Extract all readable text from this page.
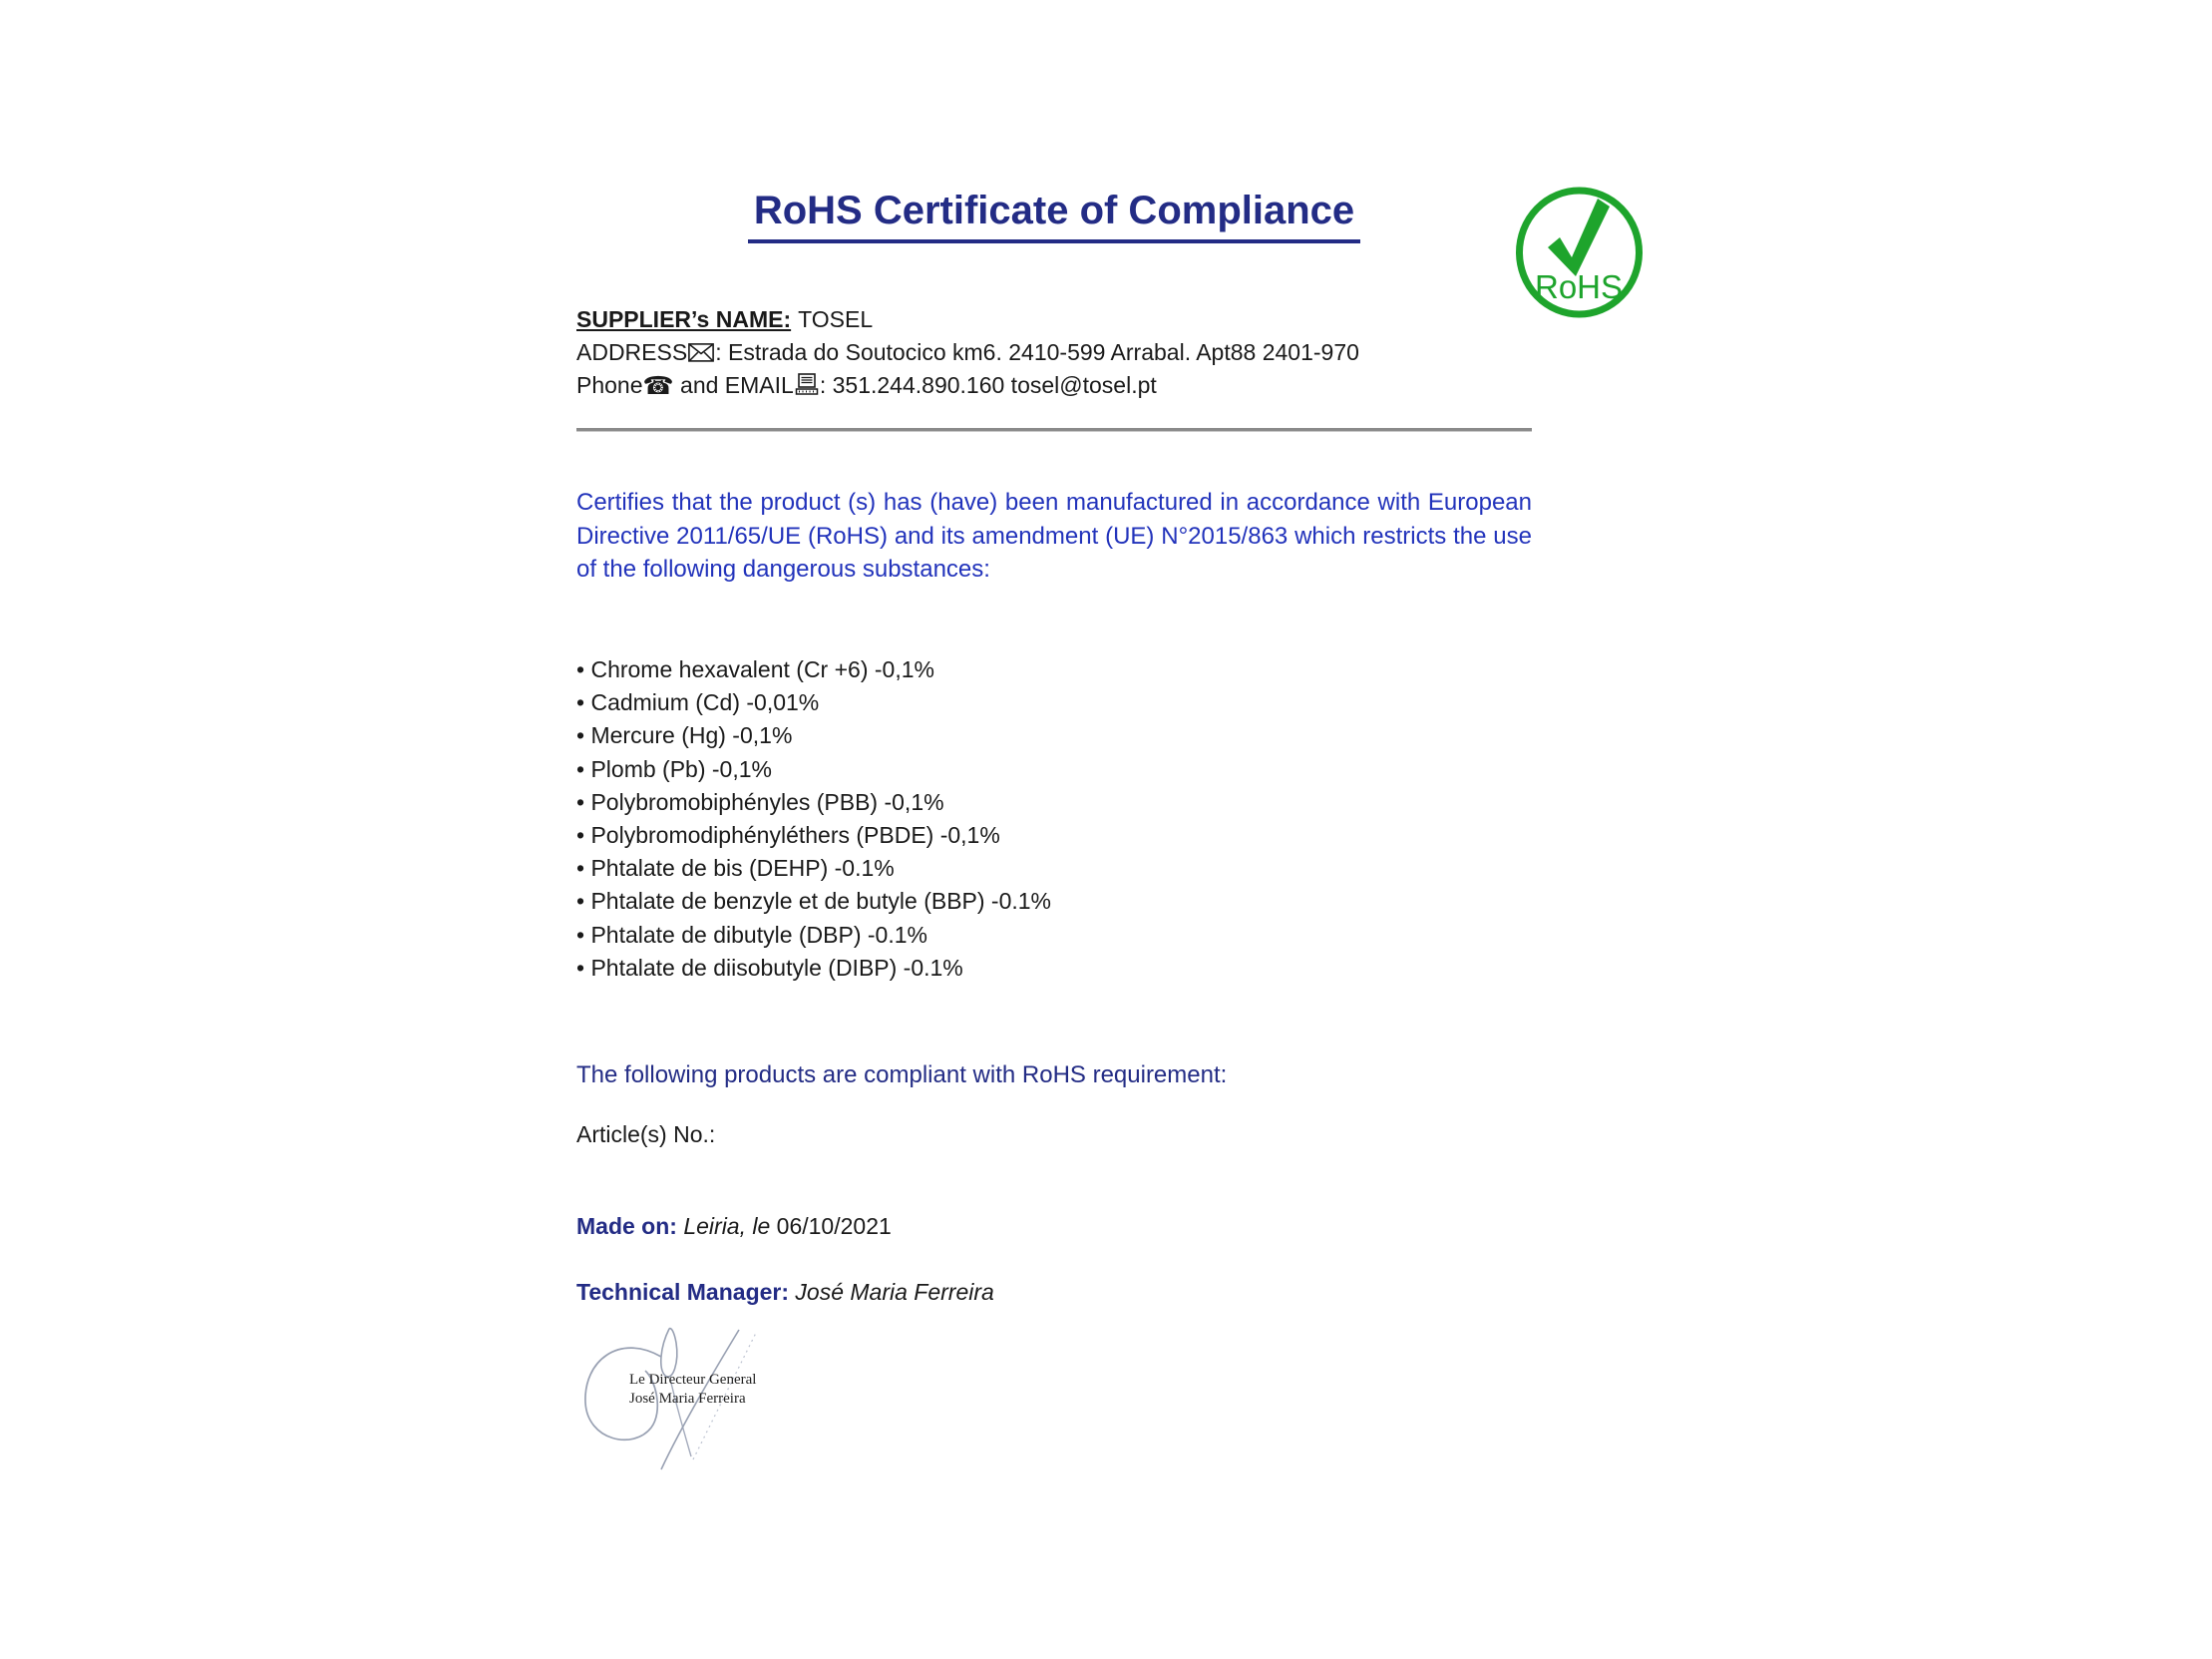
RoHS Certificate of Compliance
RoHS
SUPPLIER’s NAME: TOSEL
ADDRESS : Estrada do Soutocico km6. 2410-599 Arrabal. Apt88 2401-970
Phone☎ and EMAIL : 351.244.890.160 tosel@tosel.pt

Certifies that the product (s) has (have) been manufactured in accordance with European Directive 2011/65/UE (RoHS) and its amendment (UE) N°2015/863 which restricts the use of the following dangerous substances:

• Chrome hexavalent (Cr +6) -0,1%
• Cadmium (Cd) -0,01%
• Mercure (Hg) -0,1%
• Plomb (Pb) -0,1%
• Polybromobiphényles (PBB) -0,1%
• Polybromodiphényléthers (PBDE) -0,1%
• Phtalate de bis (DEHP) -0.1%
• Phtalate de benzyle et de butyle (BBP) -0.1%
• Phtalate de dibutyle (DBP) -0.1%
• Phtalate de diisobutyle (DIBP) -0.1%
The following products are compliant with RoHS requirement:
Article(s) No.:
Made on: Leiria, le 06/10/2021
Technical Manager: José Maria Ferreira
Le Directeur General
José Maria Ferreira
